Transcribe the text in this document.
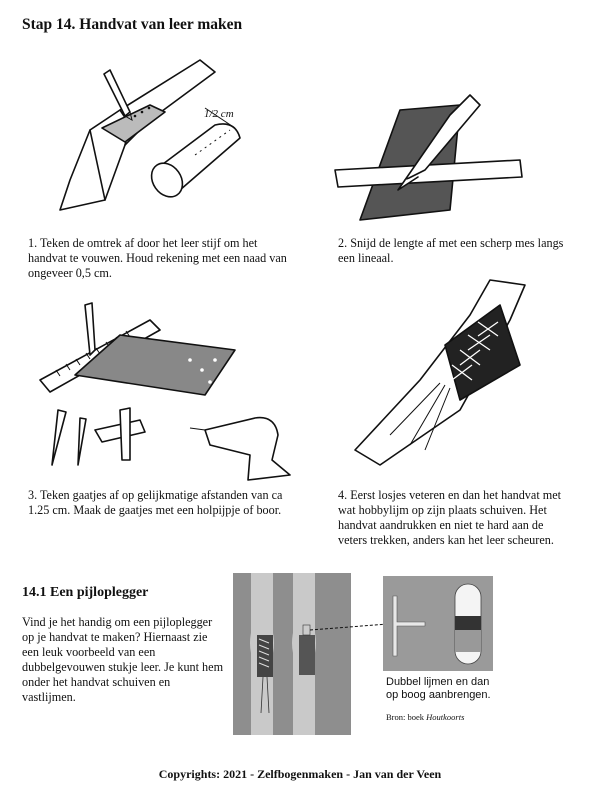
Stap 14. Handvat van leer maken
1/2 cm

1. Teken de omtrek af door het leer stijf om het handvat te vouwen. Houd rekening met een naad van ongeveer 0,5 cm.

2. Snijd de lengte af met een scherp mes langs een lineaal.

3. Teken gaatjes af op gelijkmatige afstanden van ca 1.25 cm. Maak de gaatjes met een holpijpje of boor.

4. Eerst losjes veteren en dan het handvat met wat hobbylijm op zijn plaats schuiven. Het handvat aandrukken en niet te hard aan de veters trekken, anders kan het leer scheuren.

14.1 Een pijloplegger

Vind je het handig om een pijloplegger op je handvat te maken? Hiernaast zie een leuk voorbeeld van een dubbelgevouwen stukje leer. Je kunt hem onder het handvat schuiven en vastlijmen.

Dubbel lijmen en dan op boog aanbrengen.

Bron: boek Houtkoorts

Copyrights: 2021 - Zelfbogenmaken - Jan van der Veen
